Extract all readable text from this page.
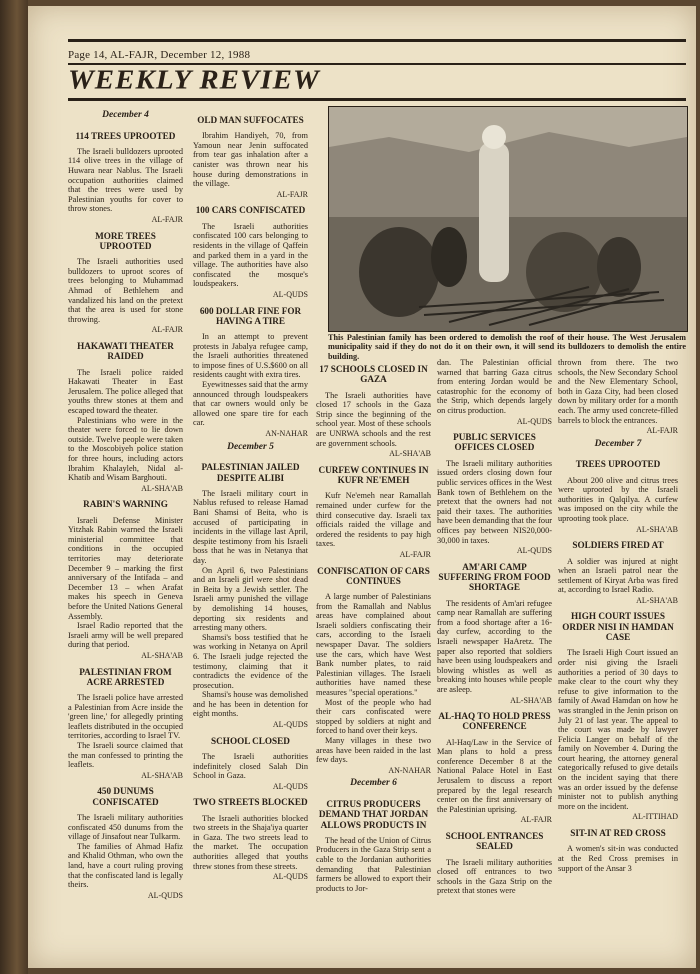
Page 14, AL-FAJR, December 12, 1988
WEEKLY REVIEW
This Palestinian family has been ordered to demolish the roof of their house. The West Jerusalem municipality said if they do not do it on their own, it will send its bulldozers to demolish the entire building.
December 4
114 TREES UPROOTED

The Israeli bulldozers uprooted 114 olive trees in the village of Huwara near Nablus. The Israeli occupation authorities claimed that the trees were used by Palestinian youths for cover to throw stones.

AL-FAJR
MORE TREES UPROOTED

The Israeli authorities used bulldozers to uproot scores of trees belonging to Muhammad Ahmad of Bethlehem and vandalized his land on the pretext that the area is used for stone throwing.

AL-FAJR
HAKAWATI THEATER RAIDED

The Israeli police raided Hakawati Theater in East Jerusalem. The police alleged that youths threw stones at them and escaped toward the theater.

Palestinians who were in the theater were forced to lie down outside. Twelve people were taken to the Moscobiyeh police station for three hours, including actors Ibrahim Khalayleh, Nidal al-Khatib and Wisam Barghouti.

AL-SHA'AB
RABIN'S WARNING

Israeli Defense Minister Yitzhak Rabin warned the Israeli ministerial committee that conditions in the occupied territories may deteriorate December 9 – marking the first anniversary of the Intifada – and December 13 – when Arafat makes his speech in Geneva before the United Nations General Assembly.

Israel Radio reported that the Israeli army will be well prepared during that period.

AL-SHA'AB
PALESTINIAN FROM ACRE ARRESTED

The Israeli police have arrested a Palestinian from Acre inside the 'green line,' for allegedly printing leaflets distributed in the occupied territories, according to Israel TV.

The Israeli source claimed that the man confessed to printing the leaflets.

AL-SHA'AB
450 DUNUMS CONFISCATED

The Israeli military authorities confiscated 450 dunums from the village of Jinsafout near Tulkarm.

The families of Ahmad Hafiz and Khalid Othman, who own the land, have a court ruling proving that the confiscated land is legally theirs.

AL-QUDS
OLD MAN SUFFOCATES

Ibrahim Handiyeh, 70, from Yamoun near Jenin suffocated from tear gas inhalation after a canister was thrown near his house during demonstrations in the village.

AL-FAJR
100 CARS CONFISCATED

The Israeli authorities confiscated 100 cars belonging to residents in the village of Qaffein and parked them in a yard in the village. The authorities have also confiscated the mosque's loudspeakers.

AL-QUDS
600 DOLLAR FINE FOR HAVING A TIRE

In an attempt to prevent protests in Jabalya refugee camp, the Israeli authorities threatened to impose fines of U.S.$600 on all residents caught with extra tires.

Eyewitnesses said that the army announced through loudspeakers that car owners would only be allowed one spare tire for each car.

AN-NAHAR
December 5
PALESTINIAN JAILED DESPITE ALIBI

The Israeli military court in Nablus refused to release Hamad Bani Shamsi of Beita, who is accused of participating in incidents in the village last April, despite testimony from his Israeli boss that he was in Netanya that day.

On April 6, two Palestinians and an Israeli girl were shot dead in Beita by a Jewish settler. The Israeli army punished the village by demolishing 14 houses, deporting six residents and arresting many others.

Shamsi's boss testified that he was working in Netanya on April 6. The Israeli judge rejected the testimony, claiming that it contradicts the evidence of the prosecution.

Shamsi's house was demolished and he has been in detention for eight months.

AL-QUDS
SCHOOL CLOSED

The Israeli authorities indefinitely closed Salah Din School in Gaza.

AL-QUDS
TWO STREETS BLOCKED

The Israeli authorities blocked two streets in the Shaja'iya quarter in Gaza. The two streets lead to the market. The occupation authorities alleged that youths threw stones from these streets.

AL-QUDS
17 SCHOOLS CLOSED IN GAZA

The Israeli authorities have closed 17 schools in the Gaza Strip since the beginning of the school year. Most of these schools are UNRWA schools and the rest are government schools.

AL-SHA'AB
CURFEW CONTINUES IN KUFR NE'EMEH

Kufr Ne'emeh near Ramallah remained under curfew for the third consecutive day. Israeli tax officials raided the village and ordered the residents to pay high taxes.

AL-FAJR
CONFISCATION OF CARS CONTINUES

A large number of Palestinians from the Ramallah and Nablus areas have complained about Israeli soldiers confiscating their cars, according to the Israeli newspaper Davar. The soldiers use the cars, which have West Bank number plates, to raid Palestinian villages. The Israeli authorities have named these measures "special operations."

Most of the people who had their cars confiscated were stopped by soldiers at night and forced to hand over their keys.

Many villages in these two areas have been raided in the last few days.

AN-NAHAR
December 6
CITRUS PRODUCERS DEMAND THAT JORDAN ALLOWS PRODUCTS IN

The head of the Union of Citrus Producers in the Gaza Strip sent a cable to the Jordanian authorities demanding that Palestinian farmers be allowed to export their products to Jor-

dan. The Palestinian official warned that barring Gaza citrus from entering Jordan would be catastrophic for the economy of the Strip, which depends largely on citrus production.

AL-QUDS
PUBLIC SERVICES OFFICES CLOSED

The Israeli military authorities issued orders closing down four public services offices in the West Bank town of Bethlehem on the pretext that the owners had not paid their taxes. The authorities have been demanding that the four offices pay between NIS20,000-30,000 in taxes.

AL-QUDS
AM'ARI CAMP SUFFERING FROM FOOD SHORTAGE

The residents of Am'ari refugee camp near Ramallah are suffering from a food shortage after a 16-day curfew, according to the Israeli newspaper HaAretz. The paper also reported that soldiers have been using loudspeakers and blowing whistles as well as breaking into houses while people are asleep.

AL-SHA'AB
AL-HAQ TO HOLD PRESS CONFERENCE

Al-Haq/Law in the Service of Man plans to hold a press conference December 8 at the National Palace Hotel in East Jerusalem to discuss a report prepared by the legal research center on the first anniversary of the Palestinian uprising.

AL-FAJR
SCHOOL ENTRANCES SEALED

The Israeli military authorities closed off entrances to two schools in the Gaza Strip on the pretext that stones were

thrown from there. The two schools, the New Secondary School and the New Elementary School, both in Gaza City, had been closed down by military order for a month each. The army used concrete-filled barrels to block the entrances.

AL-FAJR
December 7
TREES UPROOTED

About 200 olive and citrus trees were uprooted by the Israeli authorities in Qalqilya. A curfew was imposed on the city while the uprooting took place.

AL-SHA'AB
SOLDIERS FIRED AT

A soldier was injured at night when an Israeli patrol near the settlement of Kiryat Arba was fired at, according to Israel Radio.

AL-SHA'AB
HIGH COURT ISSUES ORDER NISI IN HAMDAN CASE

The Israeli High Court issued an order nisi giving the Israeli authorities a period of 30 days to make clear to the court why they refuse to give information to the family of Awad Hamdan on how he was strangled in the Jenin prison on July 21 of last year. The appeal to the court was made by lawyer Felicia Langer on behalf of the family on November 4. During the court hearing, the attorney general categorically refused to give details on the incident saying that there was an order issued by the defense minister not to publish anything more on the incident.

AL-ITTIHAD
SIT-IN AT RED CROSS

A women's sit-in was conducted at the Red Cross premises in support of the Ansar 3
